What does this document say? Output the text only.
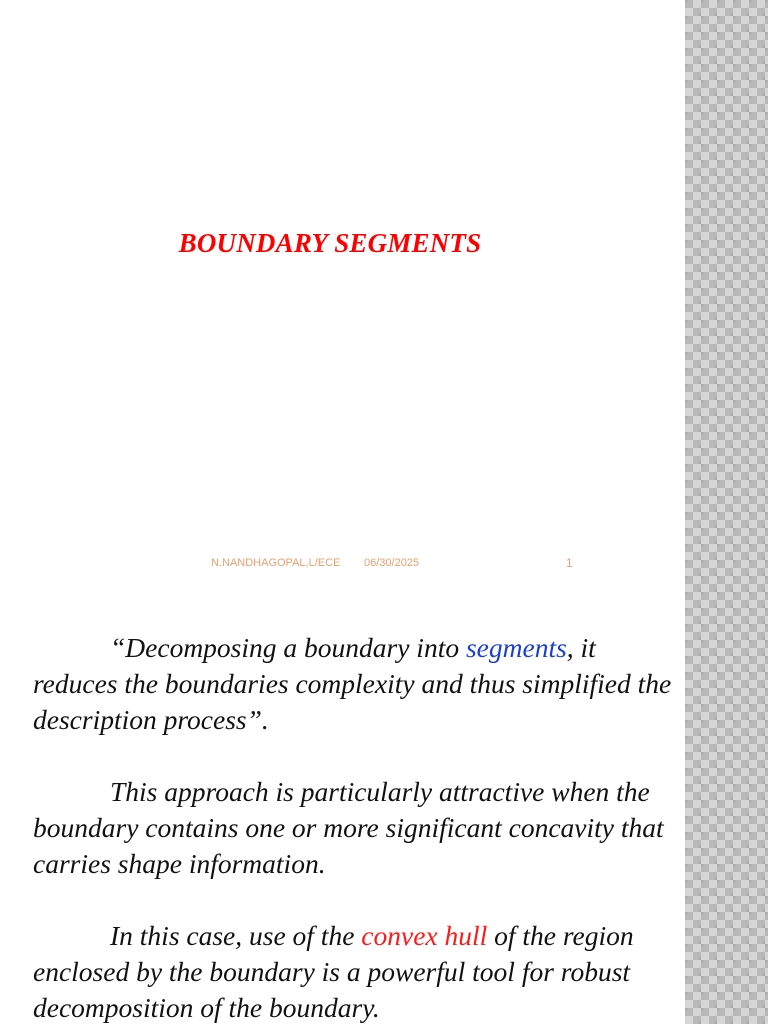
BOUNDARY SEGMENTS
N.NANDHAGOPAL,L/ECE 06/30/2025	1

“Decomposing a boundary into segments, it reduces the boundaries complexity and thus simplified the description process”.

This approach is particularly attractive when the boundary contains one or more significant concavity that carries shape information.

In this case, use of the convex hull of the region enclosed by the boundary is a powerful tool for robust decomposition of the boundary.
